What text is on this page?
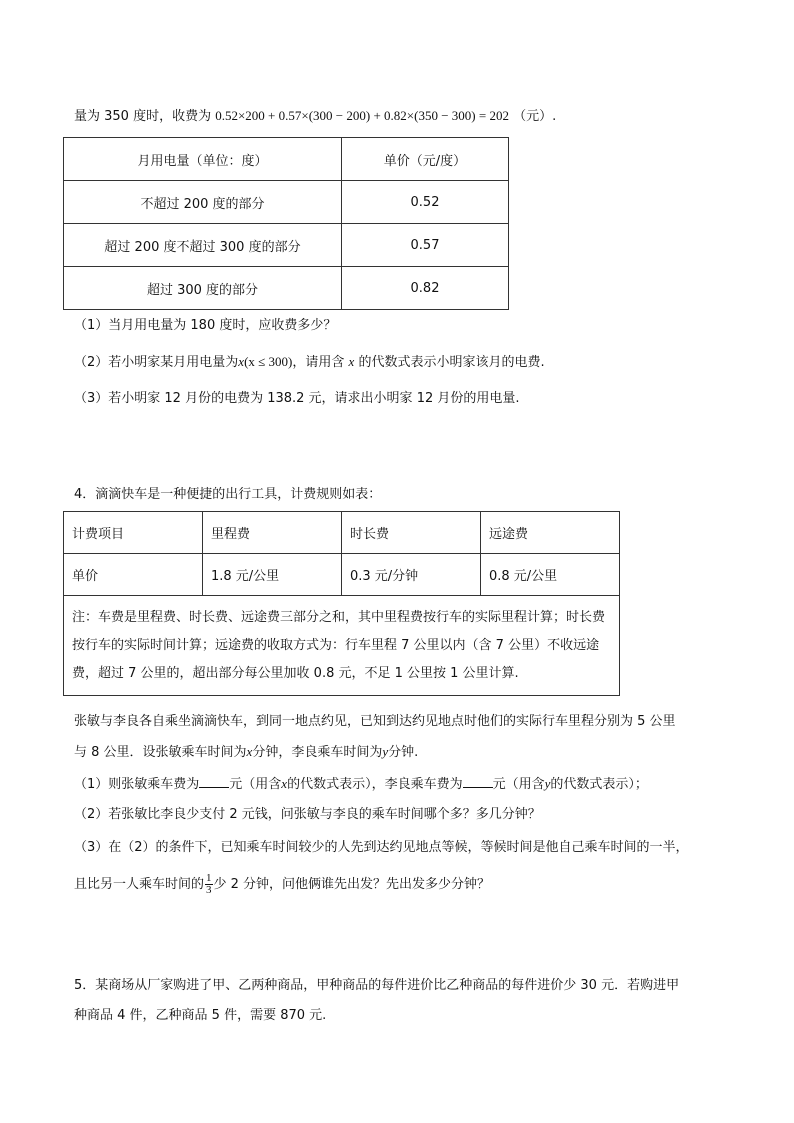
量为 350 度时，收费为 0.52×200 + 0.57×(300 − 200) + 0.82×(350 − 300) = 202 （元）.
月用电量（单位：度）	单价（元/度）
不超过 200 度的部分	0.52
超过 200 度不超过 300 度的部分	0.57
超过 300 度的部分	0.82
（1）当月用电量为 180 度时，应收费多少？
（2）若小明家某月用电量为x(x ≤ 300)，请用含 x 的代数式表示小明家该月的电费.
（3）若小明家 12 月份的电费为 138.2 元，请求出小明家 12 月份的用电量.
4．滴滴快车是一种便捷的出行工具，计费规则如表：
计费项目	里程费	时长费	远途费
单价	1.8 元/公里	0.3 元/分钟	0.8 元/公里
注：车费是里程费、时长费、远途费三部分之和，其中里程费按行车的实际里程计算；时长费按行车的实际时间计算；远途费的收取方式为：行车里程 7 公里以内（含 7 公里）不收远途费，超过 7 公里的，超出部分每公里加收 0.8 元，不足 1 公里按 1 公里计算.			
张敏与李良各自乘坐滴滴快车，到同一地点约见，已知到达约见地点时他们的实际行车里程分别为 5 公里
与 8 公里．设张敏乘车时间为x分钟，李良乘车时间为y分钟.
（1）则张敏乘车费为 元（用含x的代数式表示），李良乘车费为 元（用含y的代数式表示）；
（2）若张敏比李良少支付 2 元钱，问张敏与李良的乘车时间哪个多？多几分钟？
（3）在（2）的条件下，已知乘车时间较少的人先到达约见地点等候，等候时间是他自己乘车时间的一半，
且比另一人乘车时间的 $\frac{1}{3}$ 少 2 分钟，问他俩谁先出发？先出发多少分钟？
5．某商场从厂家购进了甲、乙两种商品，甲种商品的每件进价比乙种商品的每件进价少 30 元．若购进甲
种商品 4 件，乙种商品 5 件，需要 870 元.
